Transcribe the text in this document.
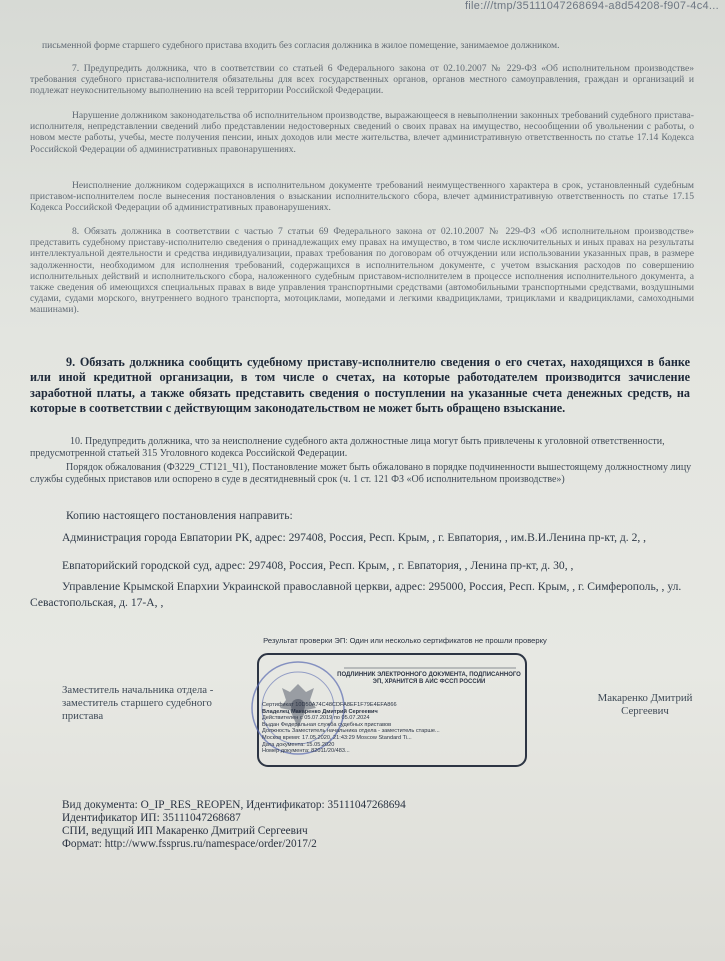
file:///tmp/35111047268694-a8d54208-f907-4c4...

письменной форме старшего судебного пристава входить без согласия должника в жилое помещение, занимаемое должником.

7. Предупредить должника, что в соответствии со статьей 6 Федерального закона от 02.10.2007 № 229-ФЗ «Об исполнительном производстве» требования судебного пристава-исполнителя обязательны для всех государственных органов, органов местного самоуправления, граждан и организаций и подлежат неукоснительному выполнению на всей территории Российской Федерации.

Нарушение должником законодательства об исполнительном производстве, выражающееся в невыполнении законных требований судебного пристава-исполнителя, непредставлении сведений либо представлении недостоверных сведений о своих правах на имущество, несообщении об увольнении с работы, о новом месте работы, учебы, месте получения пенсии, иных доходов или месте жительства, влечет административную ответственность по статье 17.14 Кодекса Российской Федерации об административных правонарушениях.

Неисполнение должником содержащихся в исполнительном документе требований неимущественного характера в срок, установленный судебным приставом-исполнителем после вынесения постановления о взыскании исполнительского сбора, влечет административную ответственность по статье 17.15 Кодекса Российской Федерации об административных правонарушениях.

8. Обязать должника в соответствии с частью 7 статьи 69 Федерального закона от 02.10.2007 № 229-ФЗ «Об исполнительном производстве» представить судебному приставу-исполнителю сведения о принадлежащих ему правах на имущество, в том числе исключительных и иных правах на результаты интеллектуальной деятельности и средства индивидуализации, правах требования по договорам об отчуждении или использовании указанных прав, в размере задолженности, необходимом для исполнения требований, содержащихся в исполнительном документе, с учетом взыскания расходов по совершению исполнительных действий и исполнительского сбора, наложенного судебным приставом-исполнителем в процессе исполнения исполнительного документа, а также сведения об имеющихся специальных правах в виде управления транспортными средствами (автомобильными транспортными средствами, воздушными судами, судами морского, внутреннего водного транспорта, мотоциклами, мопедами и легкими квадрициклами, трициклами и квадрициклами, самоходными машинами).

9. Обязать должника сообщить судебному приставу-исполнителю сведения о его счетах, находящихся в банке или иной кредитной организации, в том числе о счетах, на которые работодателем производится зачисление заработной платы, а также обязать представить сведения о поступлении на указанные счета денежных средств, на которые в соответствии с действующим законодательством не может быть обращено взыскание.

10. Предупредить должника, что за неисполнение судебного акта должностные лица могут быть привлечены к уголовной ответственности, предусмотренной статьей 315 Уголовного кодекса Российской Федерации.

Порядок обжалования (ФЗ229_СТ121_Ч1), Постановление может быть обжаловано в порядке подчиненности вышестоящему должностному лицу службы судебных приставов или оспорено в суде в десятидневный срок (ч. 1 ст. 121 ФЗ «Об исполнительном производстве»)

Копию настоящего постановления направить:

Администрация города Евпатории РК, адрес: 297408, Россия, Респ. Крым, , г. Евпатория, , им.В.И.Ленина пр-кт, д. 2, ,

Евпаторийский городской суд, адрес: 297408, Россия, Респ. Крым, , г. Евпатория, , Ленина пр-кт, д. 30, ,

Управление Крымской Епархии Украинской православной церкви, адрес: 295000, Россия, Респ. Крым, , г. Симферополь, , ул. Севастопольская, д. 17-А, ,

Заместитель начальника отдела - заместитель старшего судебного пристава

Макаренко Дмитрий Сергеевич

Результат проверки ЭП: Один или несколько сертификатов не прошли проверку

ПОДЛИННИК ЭЛЕКТРОННОГО ДОКУМЕНТА, ПОДПИСАННОГО ЭП, ХРАНИТСЯ В АИС ФССП РОССИИ

Сертификат 10D50A74C48CDFA8EF1F79E4EFA866

Владелец Макаренко Дмитрий Сергеевич

Действителен с 05.07.2019 по 05.07.2024

Выдан Федеральная служба судебных приставов

Должность Заместитель начальника отдела - заместитель старше...

Москов время: 17.05.2020, 21:43:29 Moscow Standard Ti...

Дата документа: 15.05.2020

Номер документа: 82011/20/483...

Вид документа: O_IP_RES_REOPEN, Идентификатор: 35111047268694

Идентификатор ИП: 35111047268687

СПИ, ведущий ИП Макаренко Дмитрий Сергеевич

Формат: http://www.fssprus.ru/namespace/order/2017/2
